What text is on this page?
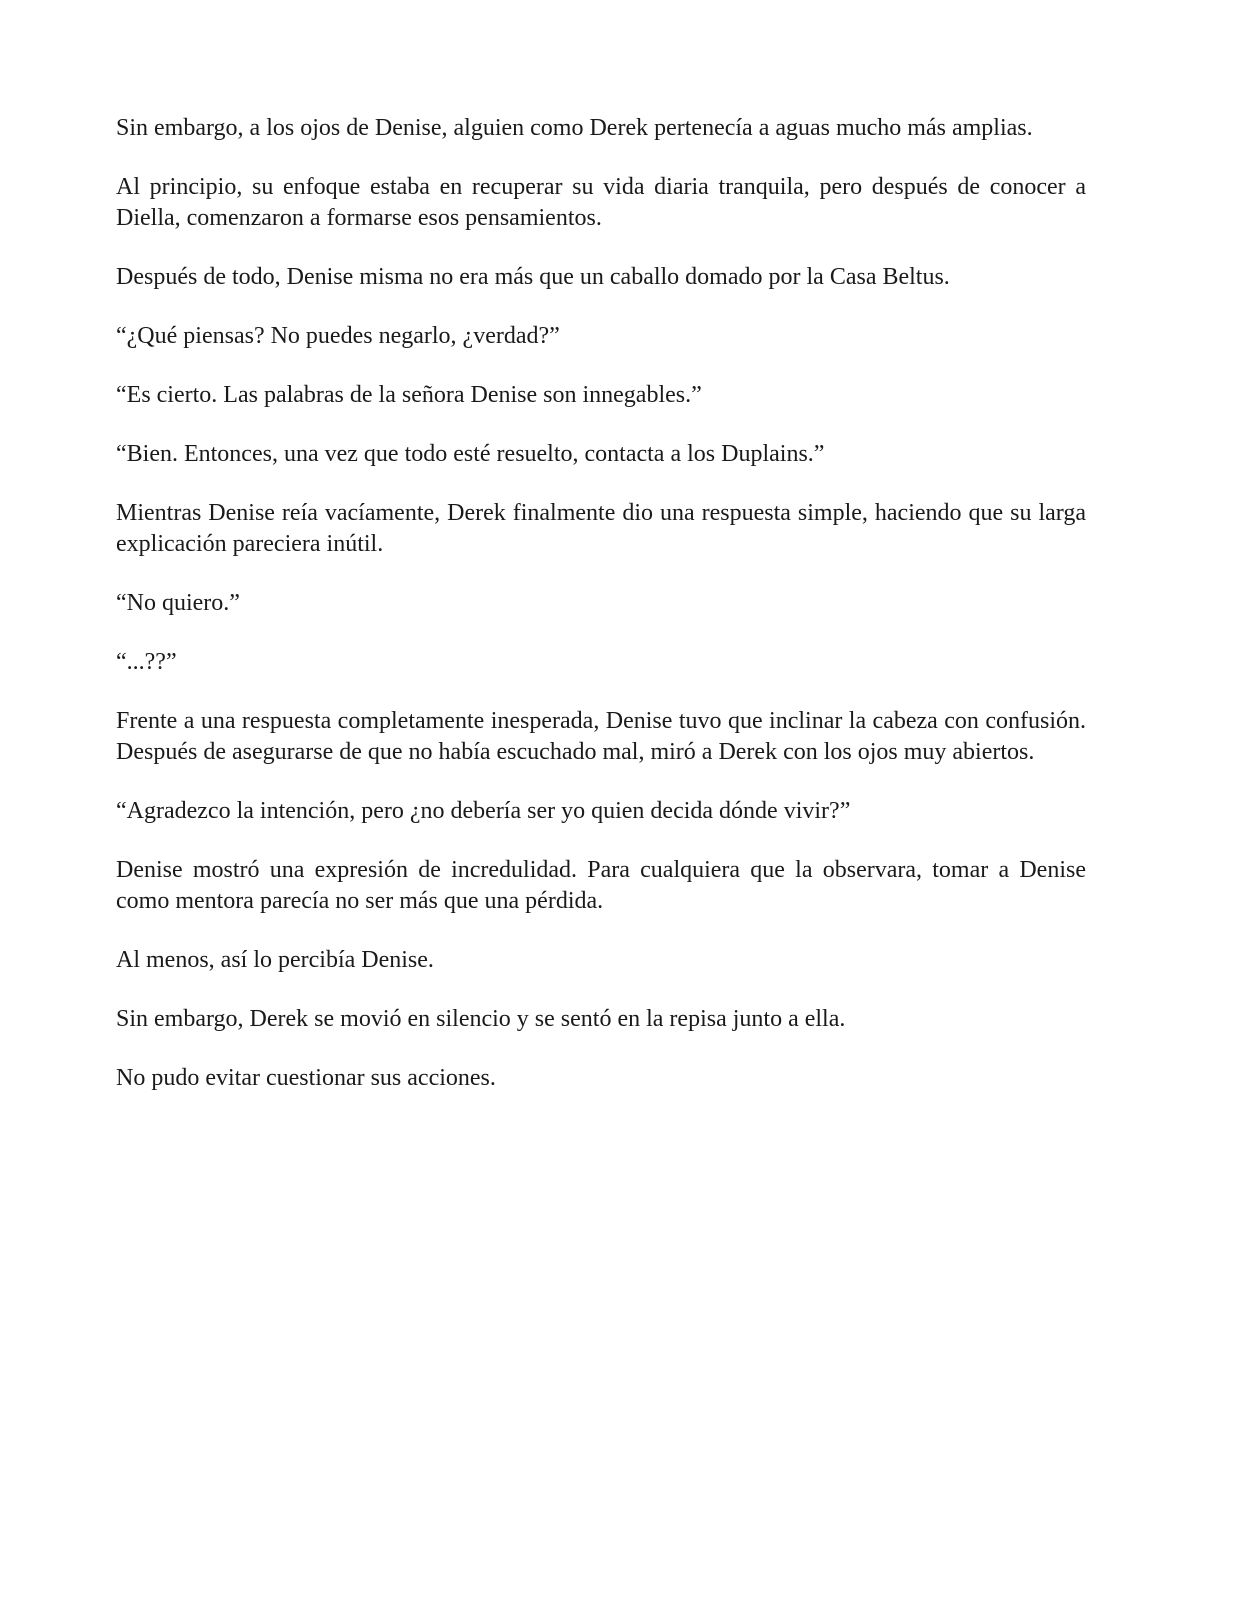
Sin embargo, a los ojos de Denise, alguien como Derek pertenecía a aguas mucho más amplias.

Al principio, su enfoque estaba en recuperar su vida diaria tranquila, pero después de conocer a Diella, comenzaron a formarse esos pensamientos.

Después de todo, Denise misma no era más que un caballo domado por la Casa Beltus.

“¿Qué piensas? No puedes negarlo, ¿verdad?”

“Es cierto. Las palabras de la señora Denise son innegables.”

“Bien. Entonces, una vez que todo esté resuelto, contacta a los Duplains.”

Mientras Denise reía vacíamente, Derek finalmente dio una respuesta simple, haciendo que su larga explicación pareciera inútil.

“No quiero.”

“...??”

Frente a una respuesta completamente inesperada, Denise tuvo que inclinar la cabeza con confusión. Después de asegurarse de que no había escuchado mal, miró a Derek con los ojos muy abiertos.

“Agradezco la intención, pero ¿no debería ser yo quien decida dónde vivir?”

Denise mostró una expresión de incredulidad. Para cualquiera que la observara, tomar a Denise como mentora parecía no ser más que una pérdida.

Al menos, así lo percibía Denise.

Sin embargo, Derek se movió en silencio y se sentó en la repisa junto a ella.

No pudo evitar cuestionar sus acciones.
